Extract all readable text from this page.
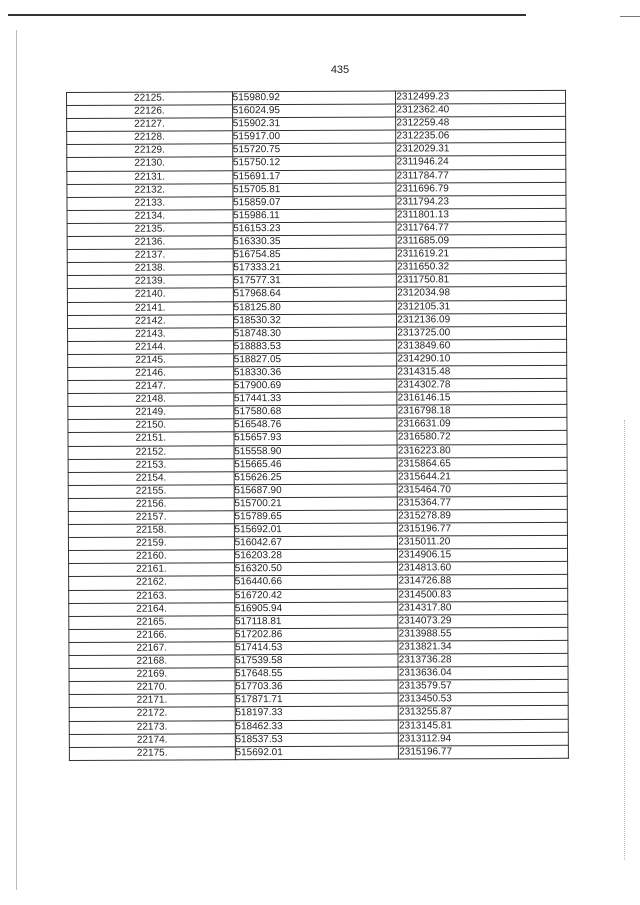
435
22125.	515980.92	2312499.23
22126.	516024.95	2312362.40
22127.	515902.31	2312259.48
22128.	515917.00	2312235.06
22129.	515720.75	2312029.31
22130.	515750.12	2311946.24
22131.	515691.17	2311784.77
22132.	515705.81	2311696.79
22133.	515859.07	2311794.23
22134.	515986.11	2311801.13
22135.	516153.23	2311764.77
22136.	516330.35	2311685.09
22137.	516754.85	2311619.21
22138.	517333.21	2311650.32
22139.	517577.31	2311750.81
22140.	517968.64	2312034.98
22141.	518125.80	2312105.31
22142.	518530.32	2312136.09
22143.	518748.30	2313725.00
22144.	518883.53	2313849.60
22145.	518827.05	2314290.10
22146.	518330.36	2314315.48
22147.	517900.69	2314302.78
22148.	517441.33	2316146.15
22149.	517580.68	2316798.18
22150.	516548.76	2316631.09
22151.	515657.93	2316580.72
22152.	515558.90	2316223.80
22153.	515665.46	2315864.65
22154.	515626.25	2315644.21
22155.	515687.90	2315464.70
22156.	515700.21	2315364.77
22157.	515789.65	2315278.89
22158.	515692.01	2315196.77
22159.	516042.67	2315011.20
22160.	516203.28	2314906.15
22161.	516320.50	2314813.60
22162.	516440.66	2314726.88
22163.	516720.42	2314500.83
22164.	516905.94	2314317.80
22165.	517118.81	2314073.29
22166.	517202.86	2313988.55
22167.	517414.53	2313821.34
22168.	517539.58	2313736.28
22169.	517648.55	2313636.04
22170.	517703.36	2313579.57
22171.	517871.71	2313450.53
22172.	518197.33	2313255.87
22173.	518462.33	2313145.81
22174.	518537.53	2313112.94
22175.	515692.01	2315196.77
